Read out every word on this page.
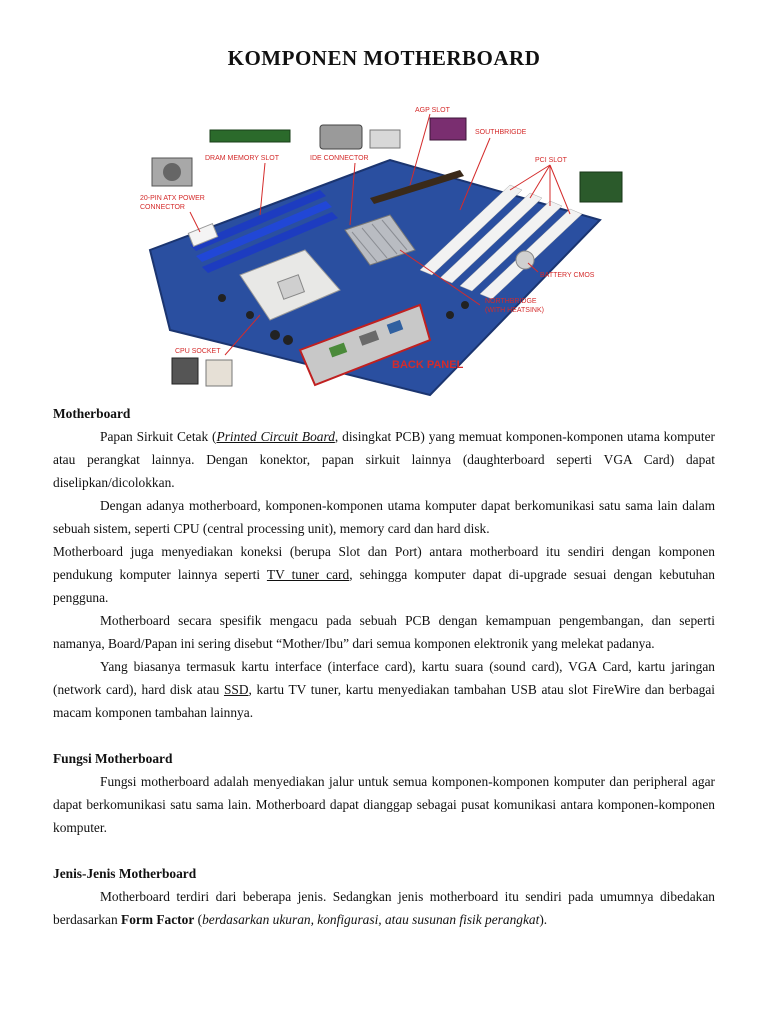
KOMPONEN MOTHERBOARD
AGP SLOT
SOUTHBRIGDE
DRAM MEMORY SLOT	IDE CONNECTOR	PCI SLOT
20-PIN ATX POWER
CONNECTOR
BATTERY CMOS
NORTHBRIDGE
(WITH HEATSINK)
CPU SOCKET
BACK PANEL

Motherboard

Papan Sirkuit Cetak (Printed Circuit Board, disingkat PCB) yang memuat komponen-komponen utama komputer atau perangkat lainnya. Dengan konektor, papan sirkuit lainnya (daughterboard seperti VGA Card) dapat diselipkan/dicolokkan.

Dengan adanya motherboard, komponen-komponen utama komputer dapat berkomunikasi satu sama lain dalam sebuah sistem, seperti CPU (central processing unit), memory card dan hard disk.

Motherboard juga menyediakan koneksi (berupa Slot dan Port) antara motherboard itu sendiri dengan komponen pendukung komputer lainnya seperti TV tuner card, sehingga komputer dapat di-upgrade sesuai dengan kebutuhan pengguna.

Motherboard secara spesifik mengacu pada sebuah PCB dengan kemampuan pengembangan, dan seperti namanya, Board/Papan ini sering disebut “Mother/Ibu” dari semua komponen elektronik yang melekat padanya.

Yang biasanya termasuk kartu interface (interface card), kartu suara (sound card), VGA Card, kartu jaringan (network card), hard disk atau SSD, kartu TV tuner, kartu menyediakan tambahan USB atau slot FireWire dan berbagai macam komponen tambahan lainnya.

Fungsi Motherboard

Fungsi motherboard adalah menyediakan jalur untuk semua komponen-komponen komputer dan peripheral agar dapat berkomunikasi satu sama lain. Motherboard dapat dianggap sebagai pusat komunikasi antara komponen-komponen komputer.

Jenis-Jenis Motherboard

Motherboard terdiri dari beberapa jenis. Sedangkan jenis motherboard itu sendiri pada umumnya dibedakan berdasarkan Form Factor (berdasarkan ukuran, konfigurasi, atau susunan fisik perangkat).
